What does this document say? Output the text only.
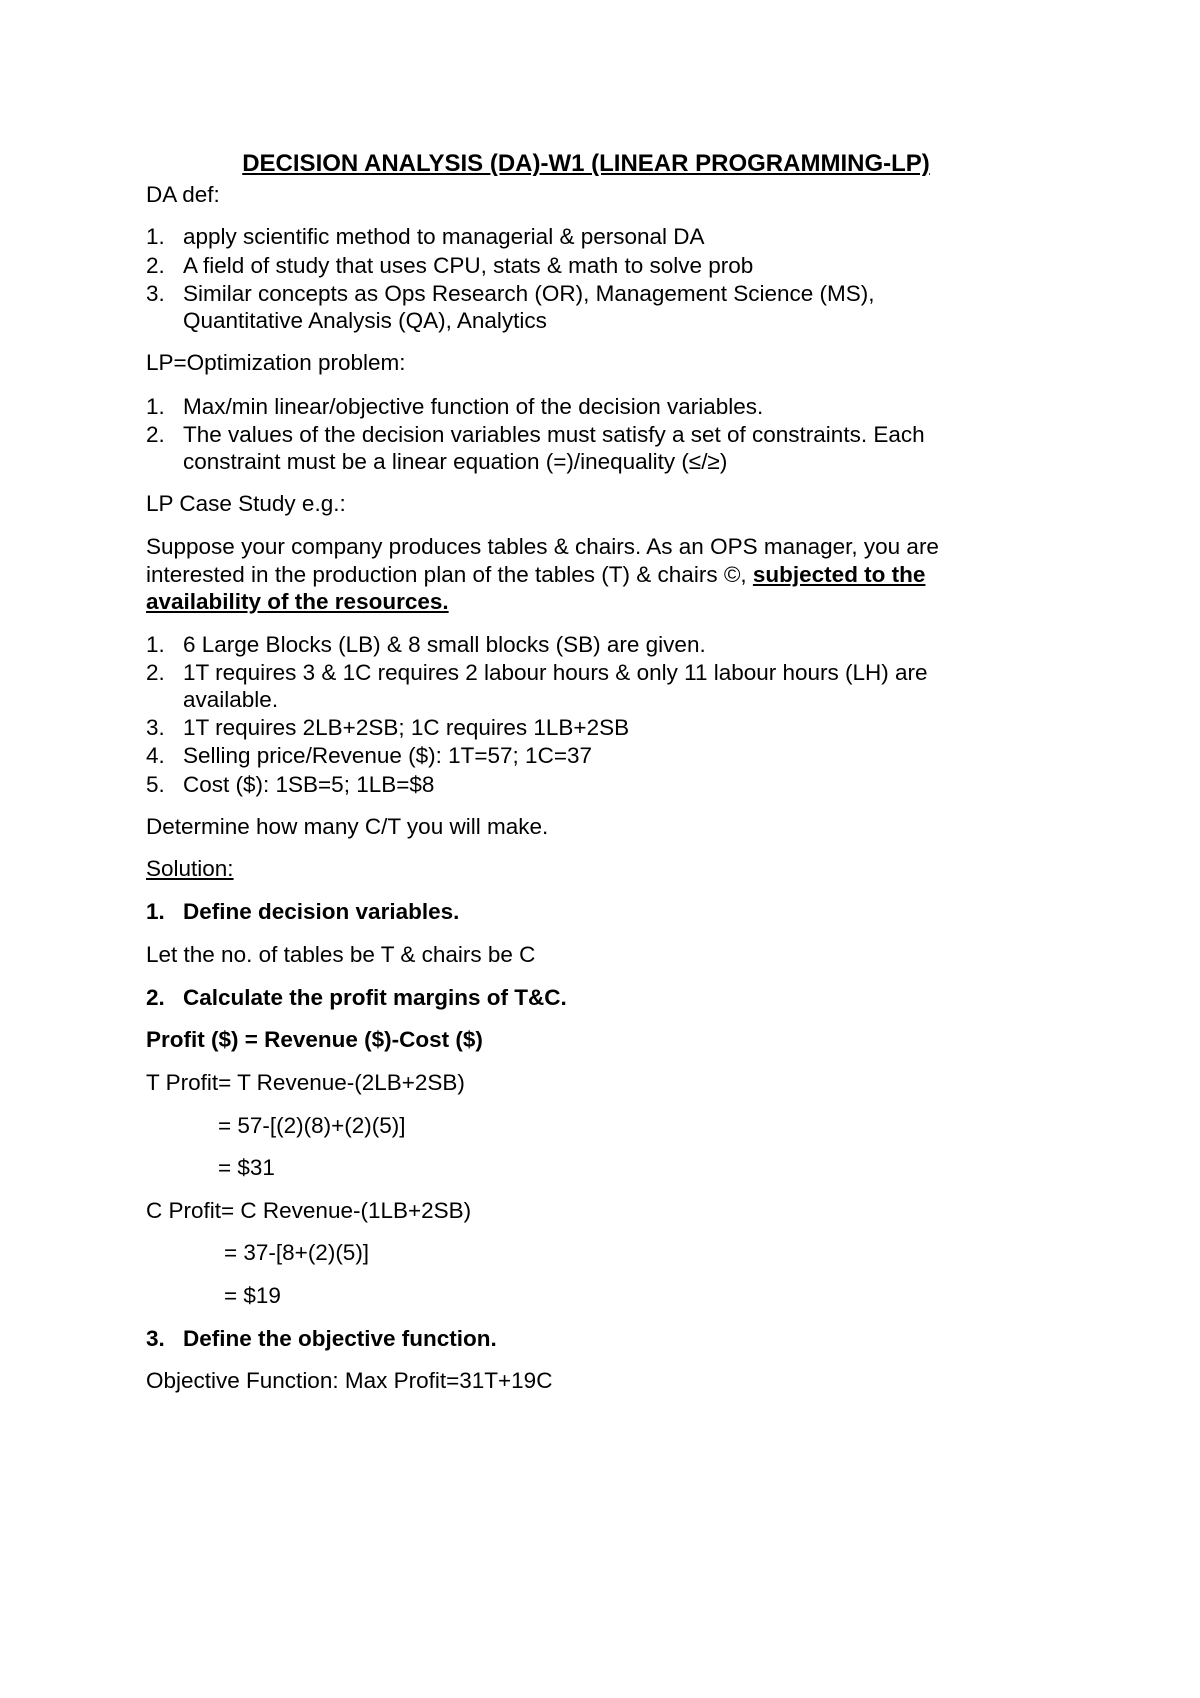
DECISION ANALYSIS (DA)-W1 (LINEAR PROGRAMMING-LP)
DA def:
1. apply scientific method to managerial & personal DA
2. A field of study that uses CPU, stats & math to solve prob
3. Similar concepts as Ops Research (OR), Management Science (MS),
Quantitative Analysis (QA), Analytics
LP=Optimization problem:
1. Max/min linear/objective function of the decision variables.
2. The values of the decision variables must satisfy a set of constraints. Each
constraint must be a linear equation (=)/inequality (≤/≥)
LP Case Study e.g.:
Suppose your company produces tables & chairs. As an OPS manager, you are
interested in the production plan of the tables (T) & chairs ©, subjected to the
availability of the resources.
1. 6 Large Blocks (LB) & 8 small blocks (SB) are given.
2. 1T requires 3 & 1C requires 2 labour hours & only 11 labour hours (LH) are
available.
3. 1T requires 2LB+2SB; 1C requires 1LB+2SB
4. Selling price/Revenue ($): 1T=57; 1C=37
5. Cost ($): 1SB=5; 1LB=$8
Determine how many C/T you will make.
Solution:
1. Define decision variables.
Let the no. of tables be T & chairs be C
2. Calculate the profit margins of T&C.
Profit ($) = Revenue ($)-Cost ($)
T Profit= T Revenue-(2LB+2SB)
= 57-[(2)(8)+(2)(5)]
= $31
C Profit= C Revenue-(1LB+2SB)
= 37-[8+(2)(5)]
= $19
3. Define the objective function.
Objective Function: Max Profit=31T+19C
